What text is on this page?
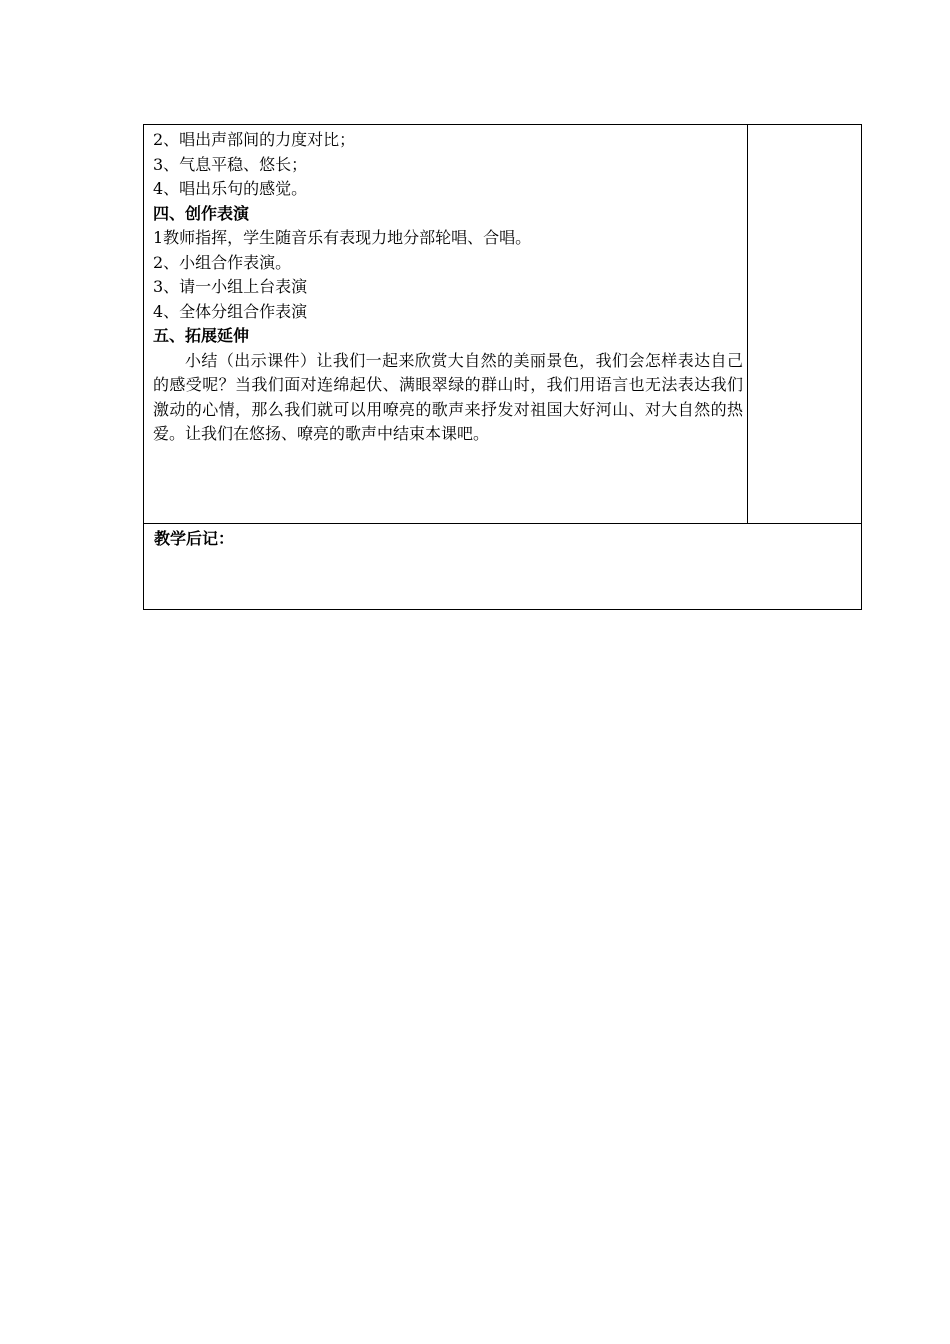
2、唱出声部间的力度对比；
3、气息平稳、悠长；
4、唱出乐句的感觉。
四、创作表演
1教师指挥，学生随音乐有表现力地分部轮唱、合唱。
2、小组合作表演。
3、请一小组上台表演
4、全体分组合作表演
五、拓展延伸
小结（出示课件）让我们一起来欣赏大自然的美丽景色，我们会怎样表达自己的感受呢？当我们面对连绵起伏、满眼翠绿的群山时，我们用语言也无法表达我们激动的心情，那么我们就可以用嘹亮的歌声来抒发对祖国大好河山、对大自然的热爱。让我们在悠扬、嘹亮的歌声中结束本课吧。
教学后记：
